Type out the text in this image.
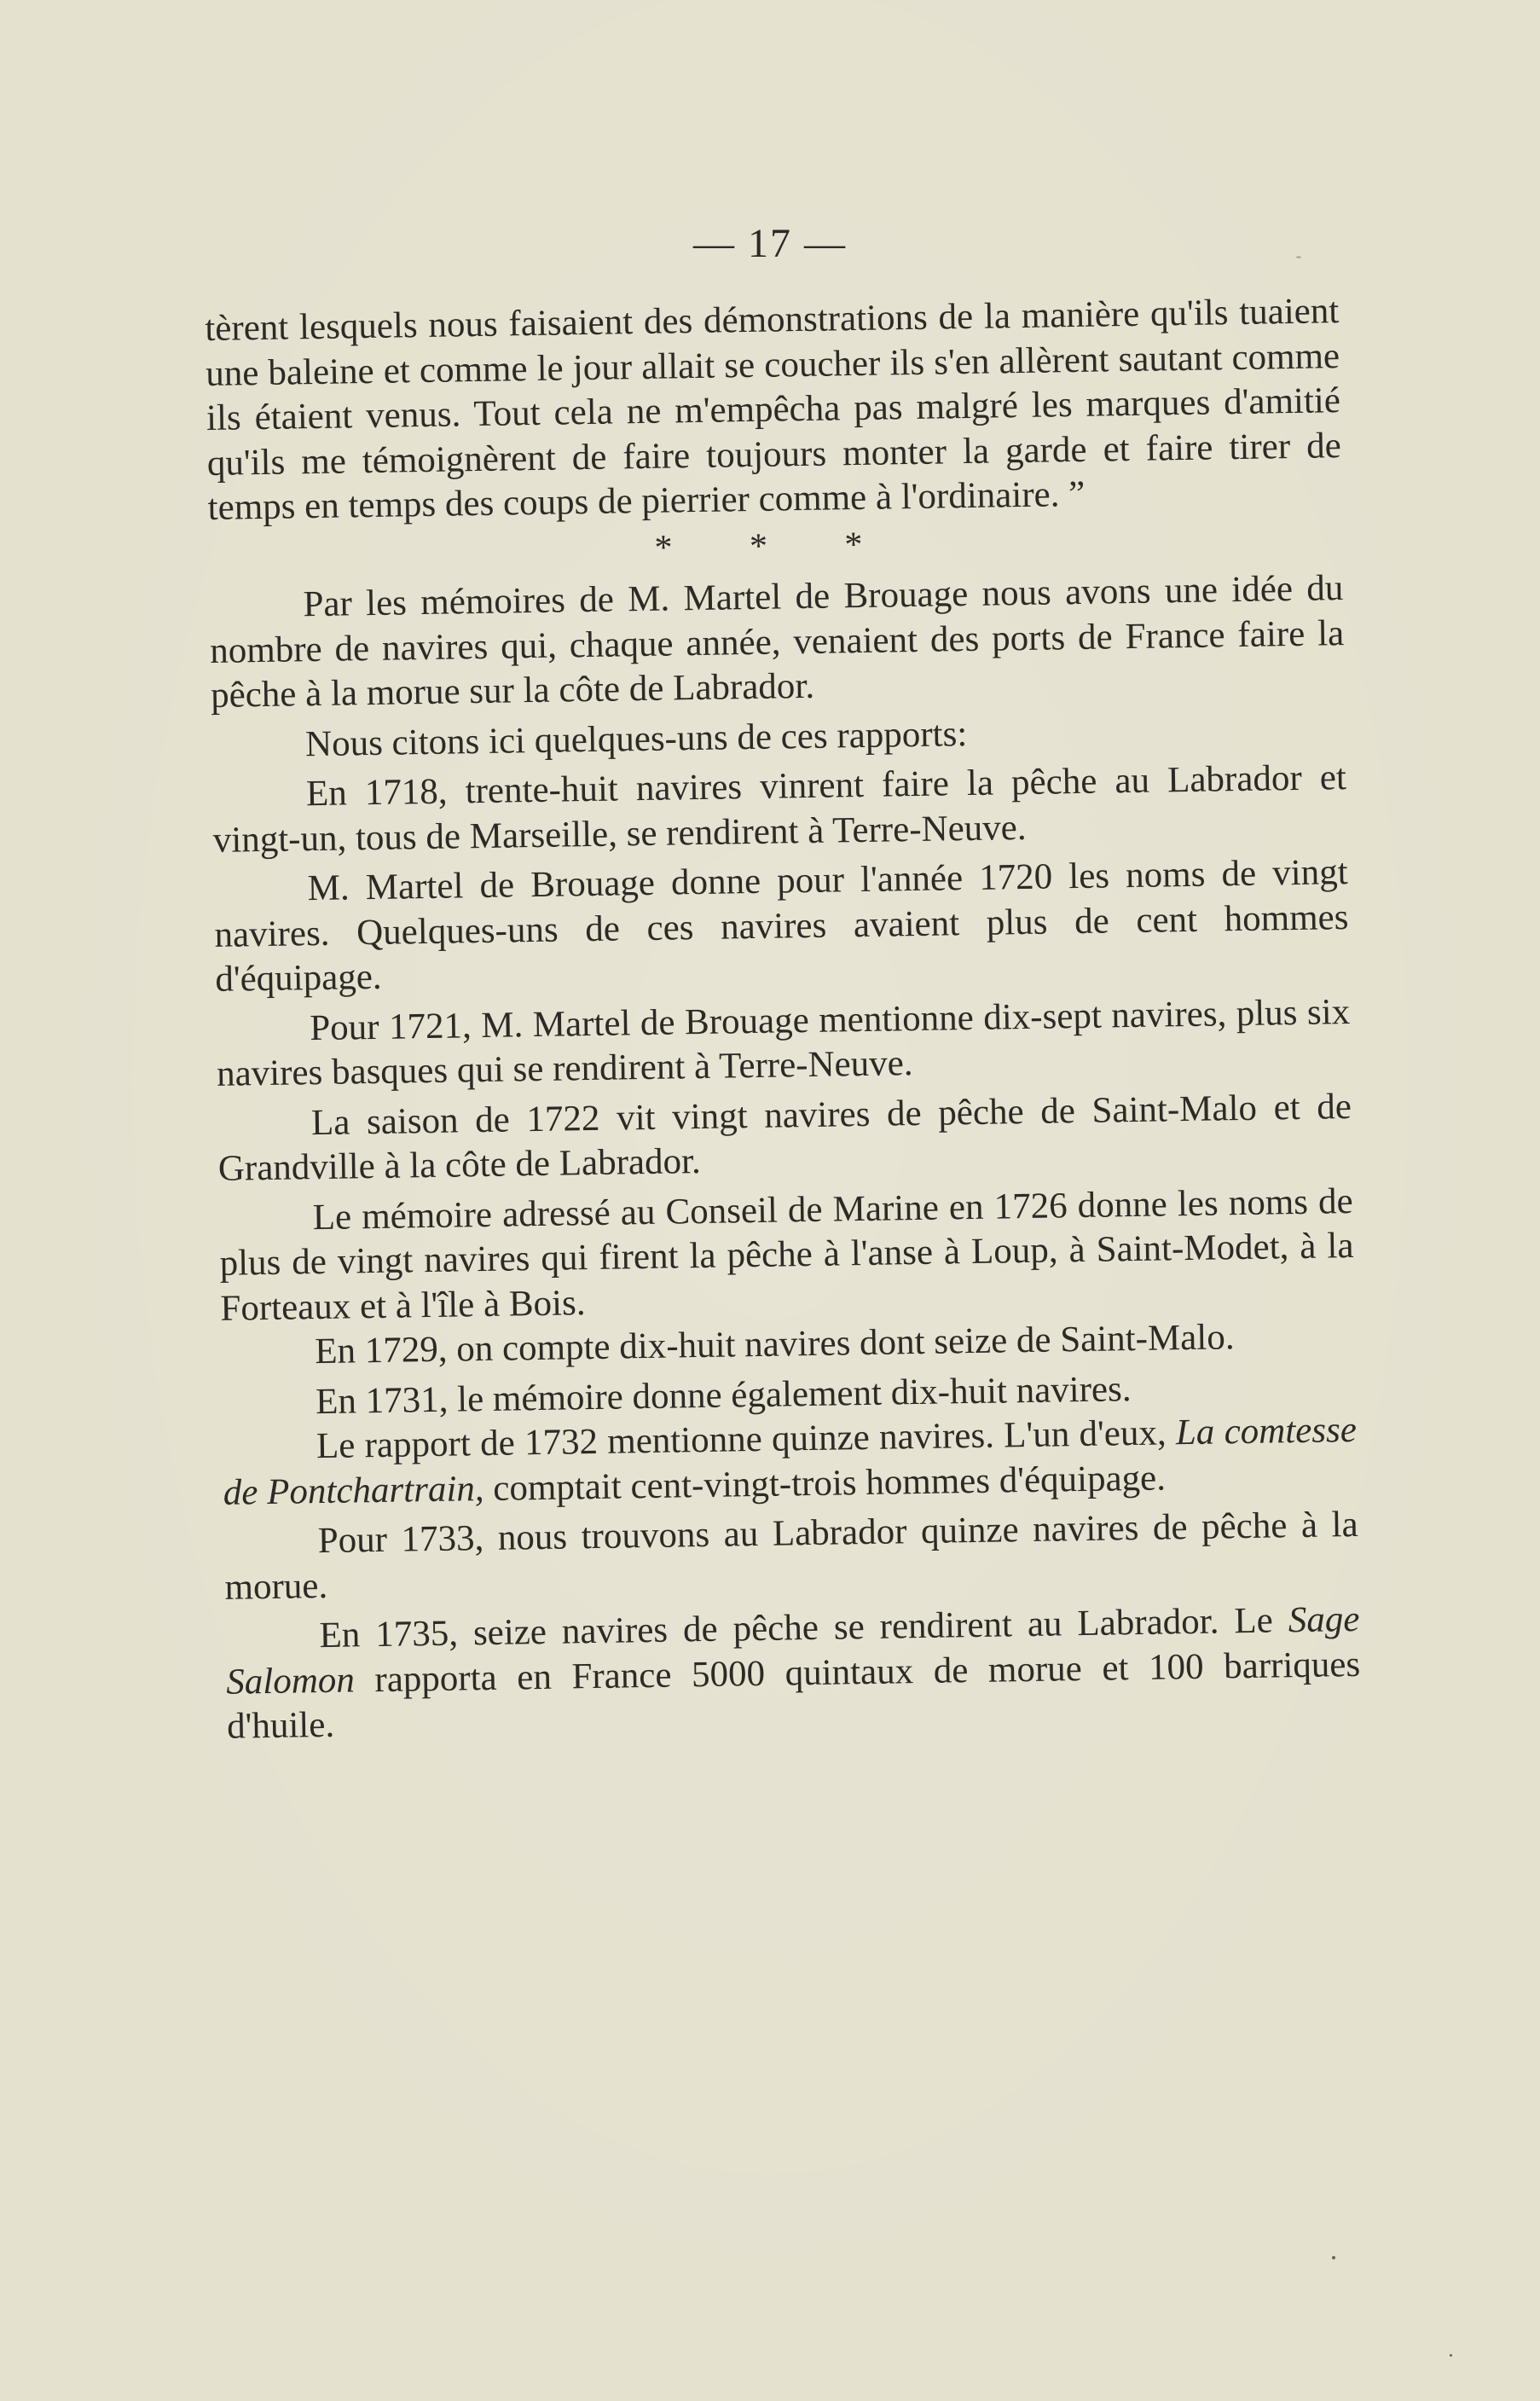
— 17 —

tèrent lesquels nous faisaient des démonstrations de la manière qu'ils tuaient une baleine et comme le jour allait se coucher ils s'en allèrent sautant comme ils étaient venus. Tout cela ne m'empêcha pas malgré les marques d'amitié qu'ils me témoignèrent de faire toujours monter la garde et faire tirer de temps en temps des coups de pierrier comme à l'ordinaire. ”

* * *

Par les mémoires de M. Martel de Brouage nous avons une idée du nombre de navires qui, chaque année, venaient des ports de France faire la pêche à la morue sur la côte de Labrador.

Nous citons ici quelques-uns de ces rapports:

En 1718, trente-huit navires vinrent faire la pêche au Labrador et vingt-un, tous de Marseille, se rendirent à Terre-Neuve.

M. Martel de Brouage donne pour l'année 1720 les noms de vingt navires. Quelques-uns de ces navires avaient plus de cent hommes d'équipage.

Pour 1721, M. Martel de Brouage mentionne dix-sept navires, plus six navires basques qui se rendirent à Terre-Neuve.

La saison de 1722 vit vingt navires de pêche de Saint-Malo et de Grandville à la côte de Labrador.

Le mémoire adressé au Conseil de Marine en 1726 donne les noms de plus de vingt navires qui firent la pêche à l'anse à Loup, à Saint-Modet, à la Forteaux et à l'île à Bois.

En 1729, on compte dix-huit navires dont seize de Saint-Malo.

En 1731, le mémoire donne également dix-huit navires.

Le rapport de 1732 mentionne quinze navires. L'un d'eux, La comtesse de Pontchartrain, comptait cent-vingt-trois hommes d'équipage.

Pour 1733, nous trouvons au Labrador quinze navires de pêche à la morue.

En 1735, seize navires de pêche se rendirent au Labrador. Le Sage Salomon rapporta en France 5000 quintaux de morue et 100 barriques d'huile.
